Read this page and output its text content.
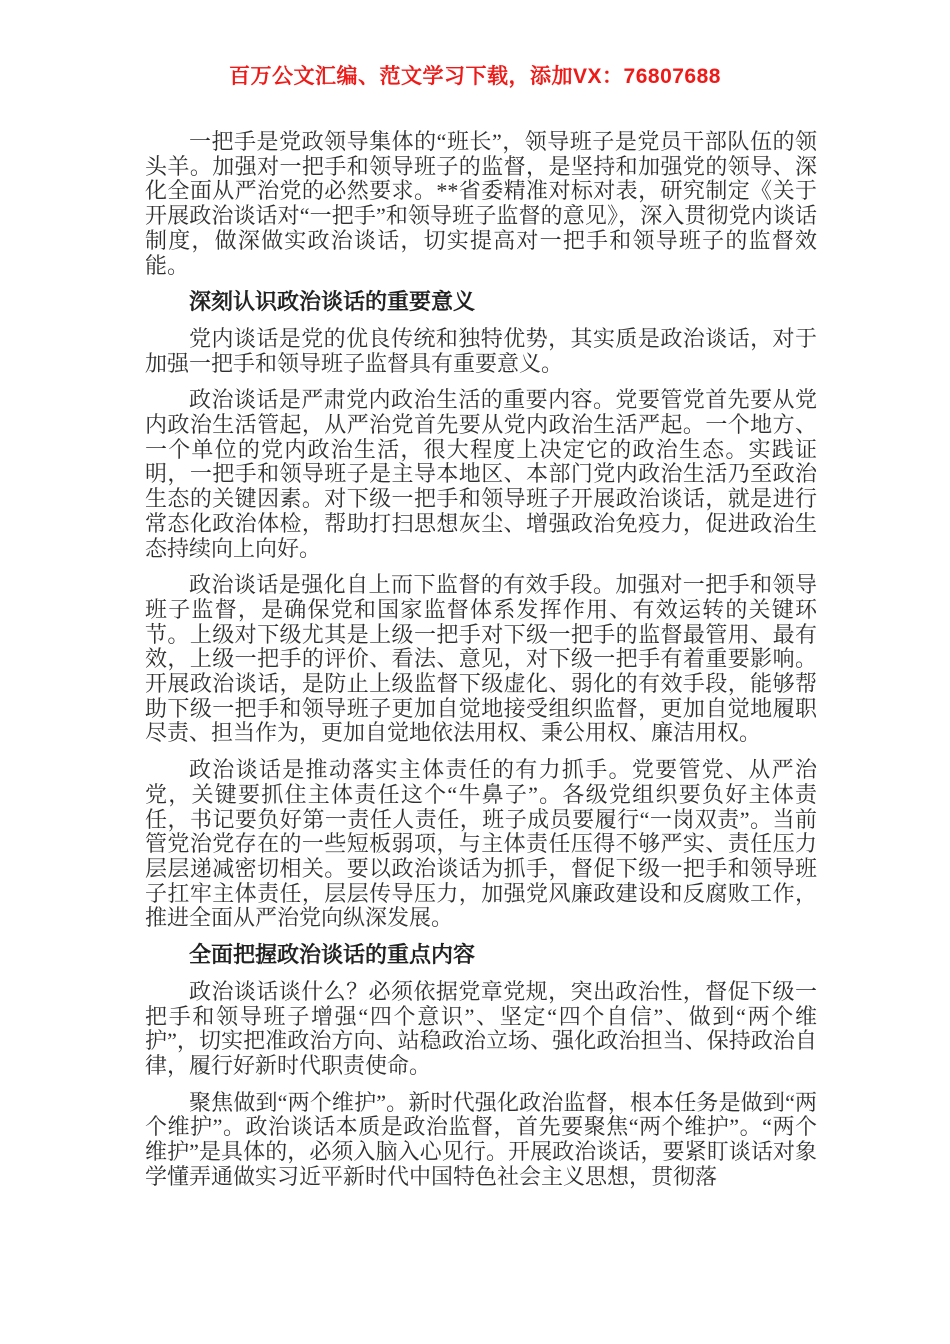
百万公文汇编、范文学习下载，添加VX：76807688

一把手是党政领导集体的“班长”，领导班子是党员干部队伍的领头羊。加强对一把手和领导班子的监督，是坚持和加强党的领导、深化全面从严治党的必然要求。**省委精准对标对表，研究制定《关于开展政治谈话对“一把手”和领导班子监督的意见》，深入贯彻党内谈话制度，做深做实政治谈话，切实提高对一把手和领导班子的监督效能。

深刻认识政治谈话的重要意义

党内谈话是党的优良传统和独特优势，其实质是政治谈话，对于加强一把手和领导班子监督具有重要意义。

政治谈话是严肃党内政治生活的重要内容。党要管党首先要从党内政治生活管起，从严治党首先要从党内政治生活严起。一个地方、一个单位的党内政治生活，很大程度上决定它的政治生态。实践证明，一把手和领导班子是主导本地区、本部门党内政治生活乃至政治生态的关键因素。对下级一把手和领导班子开展政治谈话，就是进行常态化政治体检，帮助打扫思想灰尘、增强政治免疫力，促进政治生态持续向上向好。

政治谈话是强化自上而下监督的有效手段。加强对一把手和领导班子监督，是确保党和国家监督体系发挥作用、有效运转的关键环节。上级对下级尤其是上级一把手对下级一把手的监督最管用、最有效，上级一把手的评价、看法、意见，对下级一把手有着重要影响。开展政治谈话，是防止上级监督下级虚化、弱化的有效手段，能够帮助下级一把手和领导班子更加自觉地接受组织监督，更加自觉地履职尽责、担当作为，更加自觉地依法用权、秉公用权、廉洁用权。

政治谈话是推动落实主体责任的有力抓手。党要管党、从严治党，关键要抓住主体责任这个“牛鼻子”。各级党组织要负好主体责任，书记要负好第一责任人责任，班子成员要履行“一岗双责”。当前管党治党存在的一些短板弱项，与主体责任压得不够严实、责任压力层层递减密切相关。要以政治谈话为抓手，督促下级一把手和领导班子扛牢主体责任，层层传导压力，加强党风廉政建设和反腐败工作，推进全面从严治党向纵深发展。

全面把握政治谈话的重点内容

政治谈话谈什么？必须依据党章党规，突出政治性，督促下级一把手和领导班子增强“四个意识”、坚定“四个自信”、做到“两个维护”，切实把准政治方向、站稳政治立场、强化政治担当、保持政治自律，履行好新时代职责使命。

聚焦做到“两个维护”。新时代强化政治监督，根本任务是做到“两个维护”。政治谈话本质是政治监督，首先要聚焦“两个维护”。“两个维护”是具体的，必须入脑入心见行。开展政治谈话，要紧盯谈话对象学懂弄通做实习近平新时代中国特色社会主义思想，贯彻落
